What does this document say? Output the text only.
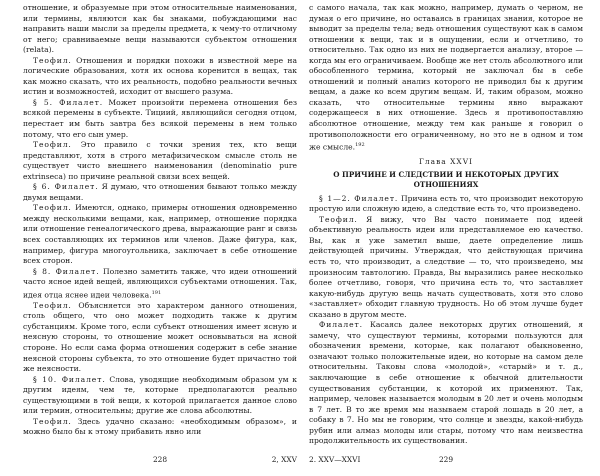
отношение, и образуемые при этом относительные наименования, или термины, являются как бы знаками, побуждающими нас направить наши мысли за пределы предмета, к чему-то отличному от него; сравниваемые вещи называются субъектом отношения (relata).

Теофил. Отношения и порядки похожи в известной мере на логические образования, хотя их основа коренится в вещах, так как можно сказать, что их реальность, подобно реальности вечных истин и возможностей, исходит от высшего разума.

§ 5. Филалет. Может произойти перемена отношения без всякой перемены в субъекте. Тициий, являющийся сегодня отцом, перестает им быть завтра без всякой перемены в нем только потому, что его сын умер.

Теофил. Это правило с точки зрения тех, кто вещи представляют, хотя в строго метафизическом смысле столь не существует чисто внешнего наименования (denominatio pure extrinseca) по причине реальной связи всех вещей.

§ 6. Филалет. Я думаю, что отношения бывают только между двумя вещами.

Теофил. Имеются, однако, примеры отношения одновременно между несколькими вещами, как, например, отношение порядка или отношение генеалогического древа, выражающие ранг и связь всех составляющих их терминов или членов. Даже фигура, как, например, фигура многоугольника, заключает в себе отношение всех сторон.

§ 8. Филалет. Полезно заметить также, что идеи отношений часто ясное идей вещей, являющихся субъектами отношения. Так, идея отца яснее идеи человека.$^{191}$

Теофил. Объясняется это характером данного отношения, столь общего, что оно может подходить также к другим субстанциям. Кроме того, если субъект отношения имеет ясную и неясную стороны, то отношение может основываться на ясной стороне. Но если сама форма отношения содержит в себе знание неясной стороны субъекта, то это отношение будет причастно той же неясности.

§ 10. Филалет. Слова, уводящие необходимым образом ум к другим идеям, чем те, которые предполагаются реально существующими в той вещи, к которой прилагается данное слово или термин, относительны; другие же слова абсолютны.

Теофил. Здесь удачно сказано: «необходимым образом», и можно было бы к этому прибавить явно или

с самого начала, так как можно, например, думать о черном, не думая о его причине, но оставаясь в границах знания, которое не выводит за пределы тела; ведь отношения существуют как в самом отношении к вещи, так и в ощущении, если и отчетливо, то относительно. Так одно из них не подвергается анализу, второе — когда мы его ограничиваем. Вообще же нет столь абсолютного или обособленного термина, который не заключал бы в себе отношений и полный анализ которого не приводил бы к другим вещам, а даже ко всем другим вещам. И, таким образом, можно сказать, что относительные термины явно выражают содержащееся в них отношение. Здесь я противопоставляю абсолютное отношение, между тем как раньше я говорил о противоположности его ограниченному, но это не в одном и том же смысле.$^{192}$

Глава XXVI
О ПРИЧИНЕ И СЛЕДСТВИИ И НЕКОТОРЫХ ДРУГИХ ОТНОШЕНИЯХ

§ 1—2. Филалет. Причина есть то, что производит некоторую простую или сложную идею, а следствие есть то, что произведено.

Теофил. Я вижу, что Вы часто понимаете под идеей объективную реальность идеи или представляемое ею качество. Вы, как я уже заметил выше, даете определение лишь действующей причины. Утверждая, что действующая причина есть то, что производит, а следствие — то, что произведено, мы произносим тавтологию. Правда, Вы выразились ранее несколько более отчетливо, говоря, что причина есть то, что заставляет какую-нибудь другую вещь начать существовать, хотя это слово «заставляет» обходит главную трудность. Но об этом лучше будет сказано в другом месте.

Филалет. Касаясь далее некоторых других отношений, я замечу, что существуют термины, которыми пользуются для обозначения времени, которые, как полагают обыкновенно, означают только положительные идеи, но которые на самом деле относительны. Таковы слова «молодой», «старый» и т. д., заключающие в себе отношение к обычной длительности существования субстанции, к которой их применяют. Так, например, человек называется молодым в 20 лет и очень молодым в 7 лет. В то же время мы называем старой лошадь в 20 лет, а собаку в 7. Но мы не говорим, что солнце и звезды, какой-нибудь рубин или алмаз молоды или стары, потому что нам неизвестна продолжительность их существования.

228	2, XXV 2. XXV—XXVI	229
